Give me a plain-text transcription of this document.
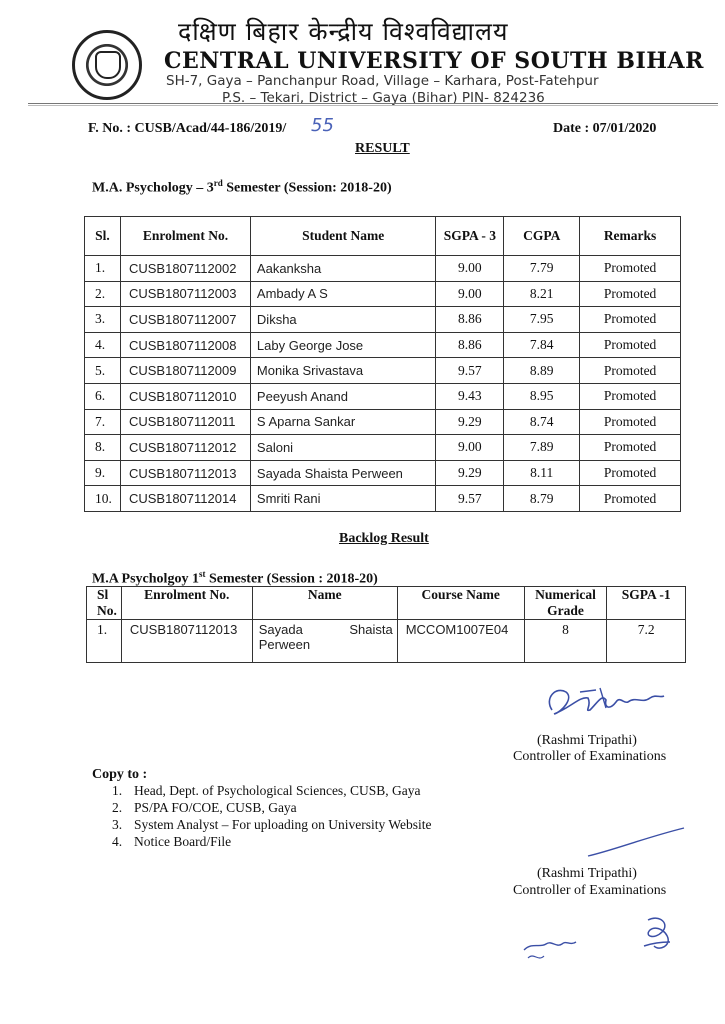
दक्षिण बिहार केन्द्रीय विश्वविद्यालय
CENTRAL UNIVERSITY OF SOUTH BIHAR
SH-7, Gaya – Panchanpur Road, Village – Karhara, Post-Fatehpur
P.S. – Tekari, District – Gaya (Bihar) PIN- 824236
F. No. : CUSB/Acad/44-186/2019/ 55	Date : 07/01/2020
RESULT
M.A. Psychology – 3rd Semester (Session: 2018-20)
Sl.	Enrolment No.	Student Name	SGPA - 3	CGPA	Remarks
1.	CUSB1807112002	Aakanksha	9.00	7.79	Promoted
2.	CUSB1807112003	Ambady A S	9.00	8.21	Promoted
3.	CUSB1807112007	Diksha	8.86	7.95	Promoted
4.	CUSB1807112008	Laby George Jose	8.86	7.84	Promoted
5.	CUSB1807112009	Monika Srivastava	9.57	8.89	Promoted
6.	CUSB1807112010	Peeyush Anand	9.43	8.95	Promoted
7.	CUSB1807112011	S Aparna Sankar	9.29	8.74	Promoted
8.	CUSB1807112012	Saloni	9.00	7.89	Promoted
9.	CUSB1807112013	Sayada Shaista Perween	9.29	8.11	Promoted
10.	CUSB1807112014	Smriti Rani	9.57	8.79	Promoted
Backlog Result
M.A Psycholgoy 1st Semester (Session : 2018-20)
Sl No.	Enrolment No.	Name	Course Name	Numerical Grade	SGPA -1
1.	CUSB1807112013	Sayada Shaista Perween	MCCOM1007E04	8	7.2
(Rashmi Tripathi)
Controller of Examinations
Copy to :
1. Head, Dept. of Psychological Sciences, CUSB, Gaya
2. PS/PA FO/COE, CUSB, Gaya
3. System Analyst – For uploading on University Website
4. Notice Board/File
(Rashmi Tripathi)
Controller of Examinations
